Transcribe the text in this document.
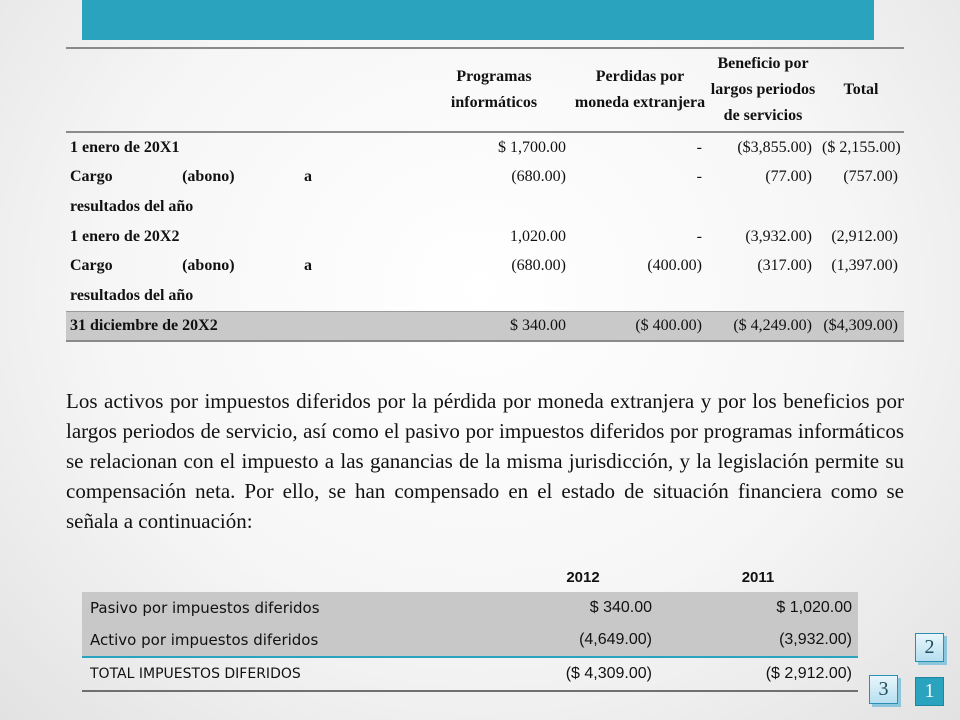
	Programas informáticos	Perdidas por moneda extranjera	Beneficio por largos periodos de servicios	Total
1 enero de 20X1	$ 1,700.00	-	($3,855.00)	($ 2,155.00)

Cargo (abono) a
resultados del año	(680.00)	-	(77.00)	(757.00)
1 enero de 20X2	1,020.00	-	(3,932.00)	(2,912.00)

Cargo (abono) a
resultados del año	(680.00)	(400.00)	(317.00)	(1,397.00)
31 diciembre de 20X2	$ 340.00	($ 400.00)	($ 4,249.00)	($4,309.00)

Los activos por impuestos diferidos por la pérdida por moneda extranjera y por los beneficios por largos periodos de servicio, así como el pasivo por impuestos diferidos por programas informáticos se relacionan con el impuesto a las ganancias de la misma jurisdicción, y la legislación permite su compensación neta. Por ello, se han compensado en el estado de situación financiera como se señala a continuación:

	2012	2011
Pasivo por impuestos diferidos	$ 340.00	$ 1,020.00
Activo por impuestos diferidos	(4,649.00)	(3,932.00)
TOTAL IMPUESTOS DIFERIDOS	($ 4,309.00)	($ 2,912.00)
2
3	1
